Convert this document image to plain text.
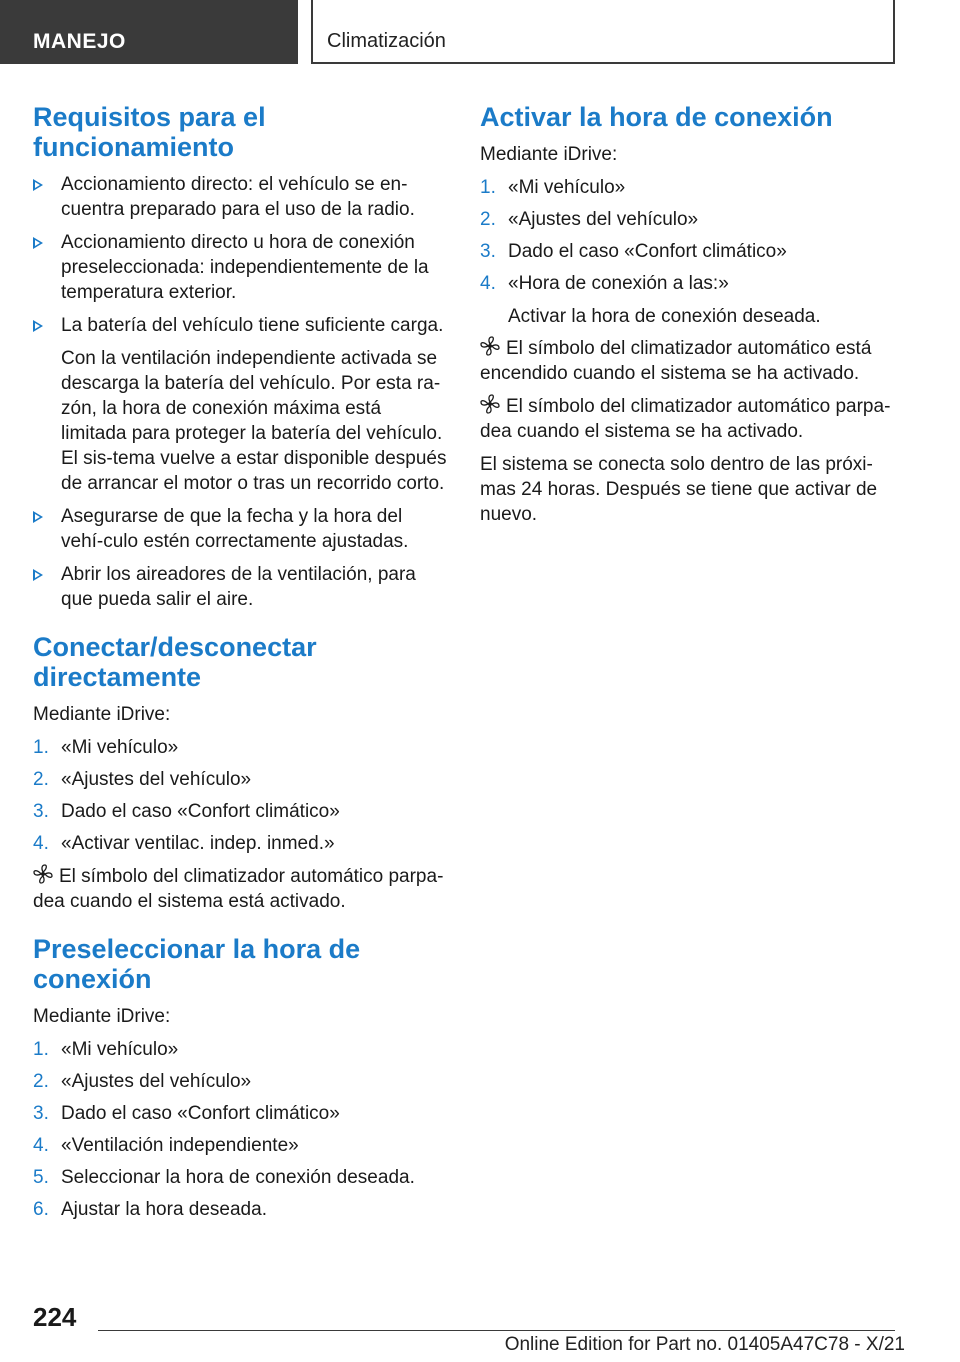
MANEJO	Climatización
Requisitos para el funcionamiento
Accionamiento directo: el vehículo se en-cuentra preparado para el uso de la radio.
Accionamiento directo u hora de conexión preseleccionada: independientemente de la temperatura exterior.
La batería del vehículo tiene suficiente carga.
Con la ventilación independiente activada se descarga la batería del vehículo. Por esta ra-zón, la hora de conexión máxima está limitada para proteger la batería del vehículo. El sis-tema vuelve a estar disponible después de arrancar el motor o tras un recorrido corto.
Asegurarse de que la fecha y la hora del vehí-culo estén correctamente ajustadas.
Abrir los aireadores de la ventilación, para que pueda salir el aire.
Conectar/desconectar directamente

Mediante iDrive:

1. «Mi vehículo»
2. «Ajustes del vehículo»
3. Dado el caso «Confort climático»
4. «Activar ventilac. indep. inmed.»
El símbolo del climatizador automático parpa-dea cuando el sistema está activado.
Preseleccionar la hora de conexión

Mediante iDrive:

1. «Mi vehículo»
2. «Ajustes del vehículo»
3. Dado el caso «Confort climático»
4. «Ventilación independiente»
5. Seleccionar la hora de conexión deseada.
6. Ajustar la hora deseada.
Activar la hora de conexión

Mediante iDrive:

1. «Mi vehículo»
2. «Ajustes del vehículo»
3. Dado el caso «Confort climático»
4. «Hora de conexión a las:»
Activar la hora de conexión deseada.
El símbolo del climatizador automático está encendido cuando el sistema se ha activado.
El símbolo del climatizador automático parpa-dea cuando el sistema se ha activado.

El sistema se conecta solo dentro de las próxi-mas 24 horas. Después se tiene que activar de nuevo.

224
Online Edition for Part no. 01405A47C78 - X/21
